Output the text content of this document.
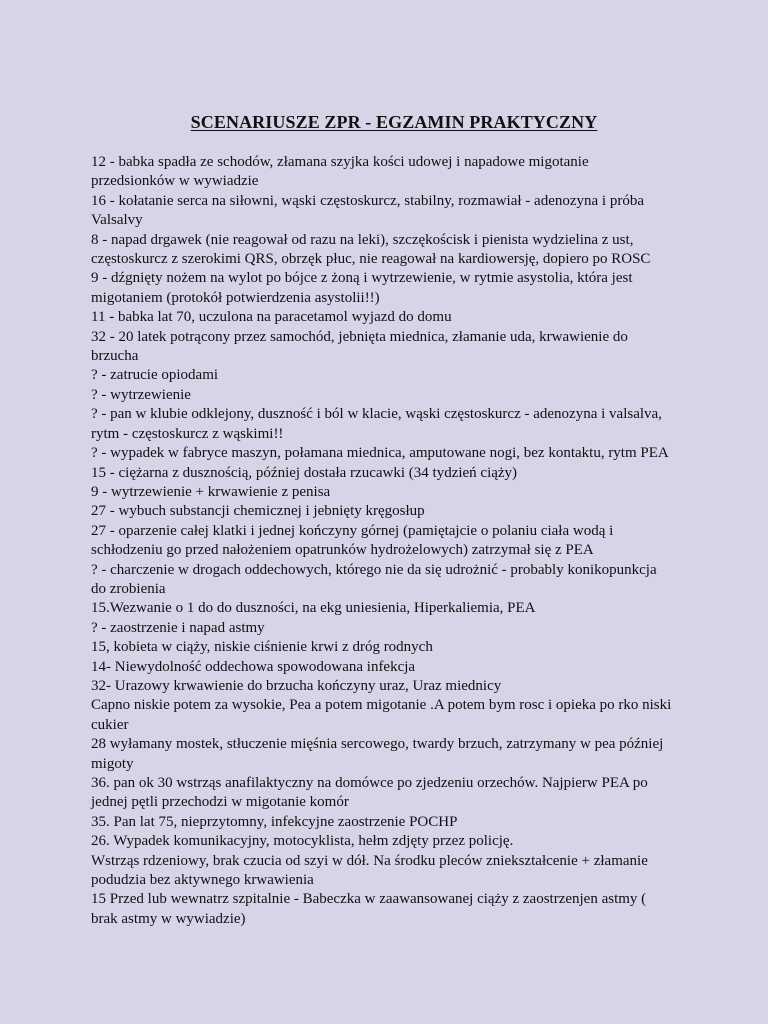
SCENARIUSZE ZPR - EGZAMIN PRAKTYCZNY
12 - babka spadła ze schodów, złamana szyjka kości udowej i napadowe migotanie
przedsionków w wywiadzie
16 - kołatanie serca na siłowni, wąski częstoskurcz, stabilny, rozmawiał - adenozyna i próba
Valsalvy
8 - napad drgawek (nie reagował od razu na leki), szczękościsk i pienista wydzielina z ust,
częstoskurcz z szerokimi QRS, obrzęk płuc, nie reagował na kardiowersję, dopiero po ROSC
9 - dźgnięty nożem na wylot po bójce z żoną i wytrzewienie, w rytmie asystolia, która jest
migotaniem (protokół potwierdzenia asystolii!!)
11 - babka lat 70, uczulona na paracetamol wyjazd do domu
32 - 20 latek potrącony przez samochód, jebnięta miednica, złamanie uda, krwawienie do
brzucha
? - zatrucie opiodami
? - wytrzewienie
? - pan w klubie odklejony, duszność i ból w klacie, wąski częstoskurcz - adenozyna i valsalva,
rytm - częstoskurcz z wąskimi!!
? - wypadek w fabryce maszyn, połamana miednica, amputowane nogi, bez kontaktu, rytm PEA
15 - ciężarna z dusznością, później dostała rzucawki (34 tydzień ciąży)
9 - wytrzewienie + krwawienie z penisa
27 - wybuch substancji chemicznej i jebnięty kręgosłup
27 - oparzenie całej klatki i jednej kończyny górnej (pamiętajcie o polaniu ciała wodą i
schłodzeniu go przed nałożeniem opatrunków hydrożelowych) zatrzymał się z PEA
? - charczenie w drogach oddechowych, którego nie da się udrożnić - probably konikopunkcja
do zrobienia
15.Wezwanie o 1 do do duszności, na ekg uniesienia, Hiperkaliemia, PEA
? - zaostrzenie i napad astmy
15, kobieta w ciąży, niskie ciśnienie krwi z dróg rodnych
14- Niewydolność oddechowa spowodowana infekcja
32- Urazowy krwawienie do brzucha kończyny uraz, Uraz miednicy
Capno niskie potem za wysokie, Pea a potem migotanie .A potem bym rosc i opieka po rko niski
cukier
28 wyłamany mostek, stłuczenie mięśnia sercowego, twardy brzuch, zatrzymany w pea później
migoty
36. pan ok 30 wstrząs anafilaktyczny na domówce po zjedzeniu orzechów. Najpierw PEA po
jednej pętli przechodzi w migotanie komór
35. Pan lat 75, nieprzytomny, infekcyjne zaostrzenie POCHP
26. Wypadek komunikacyjny, motocyklista, hełm zdjęty przez policję.
Wstrząs rdzeniowy, brak czucia od szyi w dół. Na środku pleców zniekształcenie + złamanie
podudzia bez aktywnego krwawienia
15 Przed lub wewnatrz szpitalnie - Babeczka w zaawansowanej ciąży z zaostrzenjen astmy (
brak astmy w wywiadzie)
